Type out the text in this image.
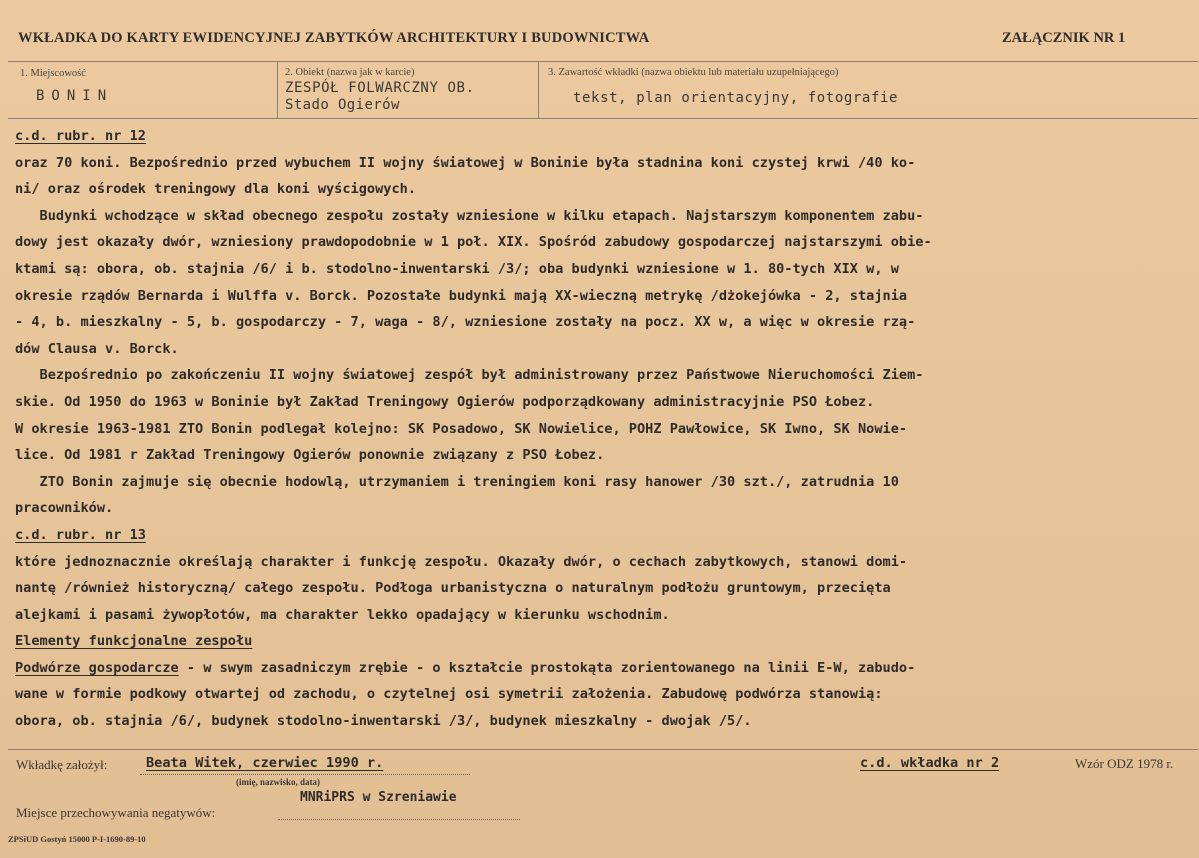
WKŁADKA DO KARTY EWIDENCYJNEJ ZABYTKÓW ARCHITEKTURY I BUDOWNICTWA	ZAŁĄCZNIK NR 1
1. Miejscowość
BONIN
2. Obiekt (nazwa jak w karcie)
ZESPÓŁ FOLWARCZNY OB.
Stado Ogierów
3. Zawartość wkładki (nazwa obiektu lub materiału uzupełniającego)
tekst, plan orientacyjny, fotografie

c.d. rubr. nr 12

oraz 70 koni. Bezpośrednio przed wybuchem II wojny światowej w Boninie była stadnina koni czystej krwi /40 ko-

ni/ oraz ośrodek treningowy dla koni wyścigowych.

Budynki wchodzące w skład obecnego zespołu zostały wzniesione w kilku etapach. Najstarszym komponentem zabu-

dowy jest okazały dwór, wzniesiony prawdopodobnie w 1 poł. XIX. Spośród zabudowy gospodarczej najstarszymi obie-

ktami są: obora, ob. stajnia /6/ i b. stodolno-inwentarski /3/; oba budynki wzniesione w 1. 80-tych XIX w, w

okresie rządów Bernarda i Wulffa v. Borck. Pozostałe budynki mają XX-wieczną metrykę /dżokejówka - 2, stajnia

- 4, b. mieszkalny - 5, b. gospodarczy - 7, waga - 8/, wzniesione zostały na pocz. XX w, a więc w okresie rzą-

dów Clausa v. Borck.

Bezpośrednio po zakończeniu II wojny światowej zespół był administrowany przez Państwowe Nieruchomości Ziem-

skie. Od 1950 do 1963 w Boninie był Zakład Treningowy Ogierów podporządkowany administracyjnie PSO Łobez.

W okresie 1963-1981 ZTO Bonin podlegał kolejno: SK Posadowo, SK Nowielice, POHZ Pawłowice, SK Iwno, SK Nowie-

lice. Od 1981 r Zakład Treningowy Ogierów ponownie związany z PSO Łobez.

ZTO Bonin zajmuje się obecnie hodowlą, utrzymaniem i treningiem koni rasy hanower /30 szt./, zatrudnia 10

pracowników.

c.d. rubr. nr 13

które jednoznacznie określają charakter i funkcję zespołu. Okazały dwór, o cechach zabytkowych, stanowi domi-

nantę /również historyczną/ całego zespołu. Podłoga urbanistyczna o naturalnym podłożu gruntowym, przecięta

alejkami i pasami żywopłotów, ma charakter lekko opadający w kierunku wschodnim.

Elementy funkcjonalne zespołu

Podwórze gospodarcze - w swym zasadniczym zrębie - o kształcie prostokąta zorientowanego na linii E-W, zabudo-

wane w formie podkowy otwartej od zachodu, o czytelnej osi symetrii założenia. Zabudowę podwórza stanowią:

obora, ob. stajnia /6/, budynek stodolno-inwentarski /3/, budynek mieszkalny - dwojak /5/.

Wkładkę założył:	Beata Witek, czerwiec 1990 r.
(imię, nazwisko, data)
c.d. wkładka nr 2	Wzór ODZ 1978 r.
Miejsce przechowywania negatywów:
MNRiPRS w Szreniawie
ZPSiUD Gostyń 15000 P-I-1690-89-10
